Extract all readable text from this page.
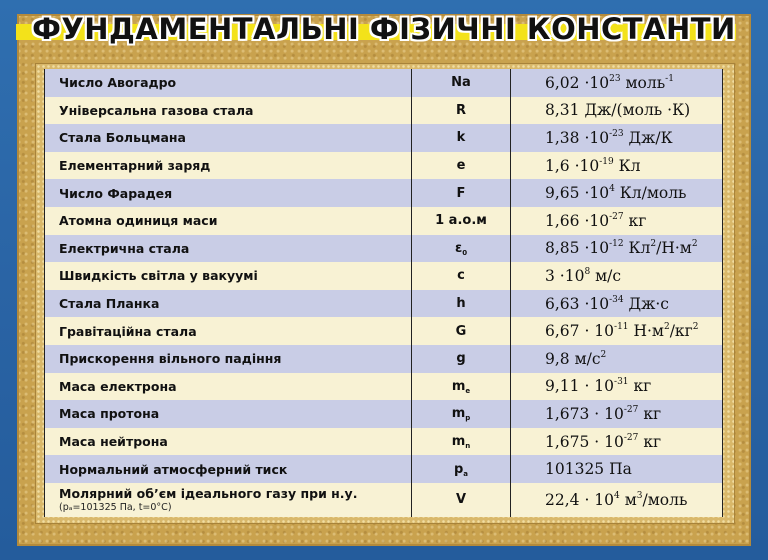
ФУНДАМЕНТАЛЬНІ ФІЗИЧНІ КОНСТАНТИ
Число Авогадро	Na	$6,02 \cdot 10^{23}$ моль$^{-1}$
Універсальна газова стала	R	8,31 Дж/(моль ·К)
Стала Больцмана	k	$1,38 \cdot 10^{-23}$ Дж/К
Елементарний заряд	e	$1,6 \cdot 10^{-19}$ Кл
Число Фарадея	F	$9,65 \cdot 10^4$ Кл/моль
Атомна одиниця маси	1 а.о.м	$1,66 \cdot 10^{-27}$ кг
Електрична стала	$\varepsilon_0$	$8,85 \cdot 10^{-12}$ $Кл^2/Н\cdot м^2$
Швидкість світла у вакуумі	c	$3 \cdot 10^8$ м/с
Стала Планка	h	$6,63 \cdot 10^{-34}$ Дж·с
Гравітаційна стала	G	$6,67 \cdot 10^{-11}$ $Н\cdot м^2/кг^2$
Прискорення вільного падіння	g	9,8 $м/с^2$
Маса електрона	$m_e$	$9,11 \cdot 10^{-31}$ кг
Маса протона	$m_p$	$1,673 \cdot 10^{-27}$ кг
Маса нейтрона	$m_n$	$1,675 \cdot 10^{-27}$ кг
Нормальний атмосферний тиск	$p_a$	101325 Па
Молярний об’єм ідеального газу при н.у.
(pₐ=101325 Па, t=0°C)	V	$22,4 \cdot 10^4$ $м^3$/моль
